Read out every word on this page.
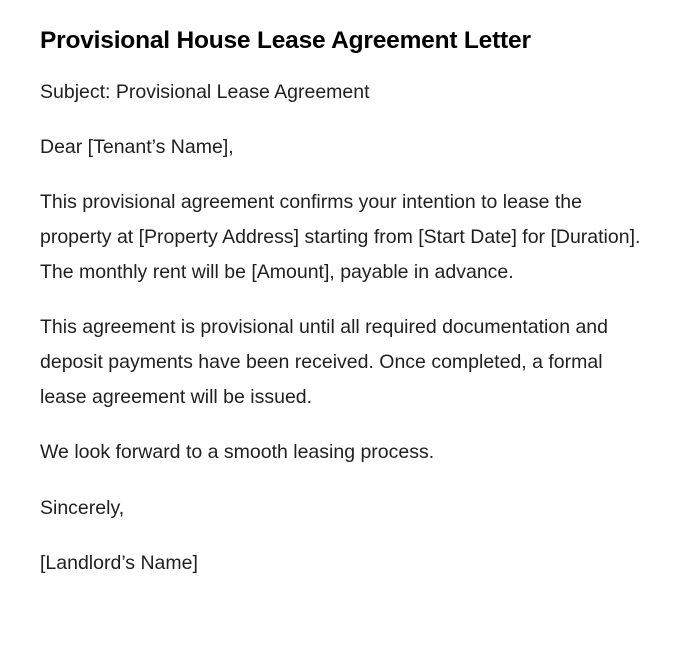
Provisional House Lease Agreement Letter

Subject: Provisional Lease Agreement

Dear [Tenant’s Name],

This provisional agreement confirms your intention to lease the property at [Property Address] starting from [Start Date] for [Duration]. The monthly rent will be [Amount], payable in advance.

This agreement is provisional until all required documentation and deposit payments have been received. Once completed, a formal lease agreement will be issued.

We look forward to a smooth leasing process.

Sincerely,

[Landlord’s Name]
